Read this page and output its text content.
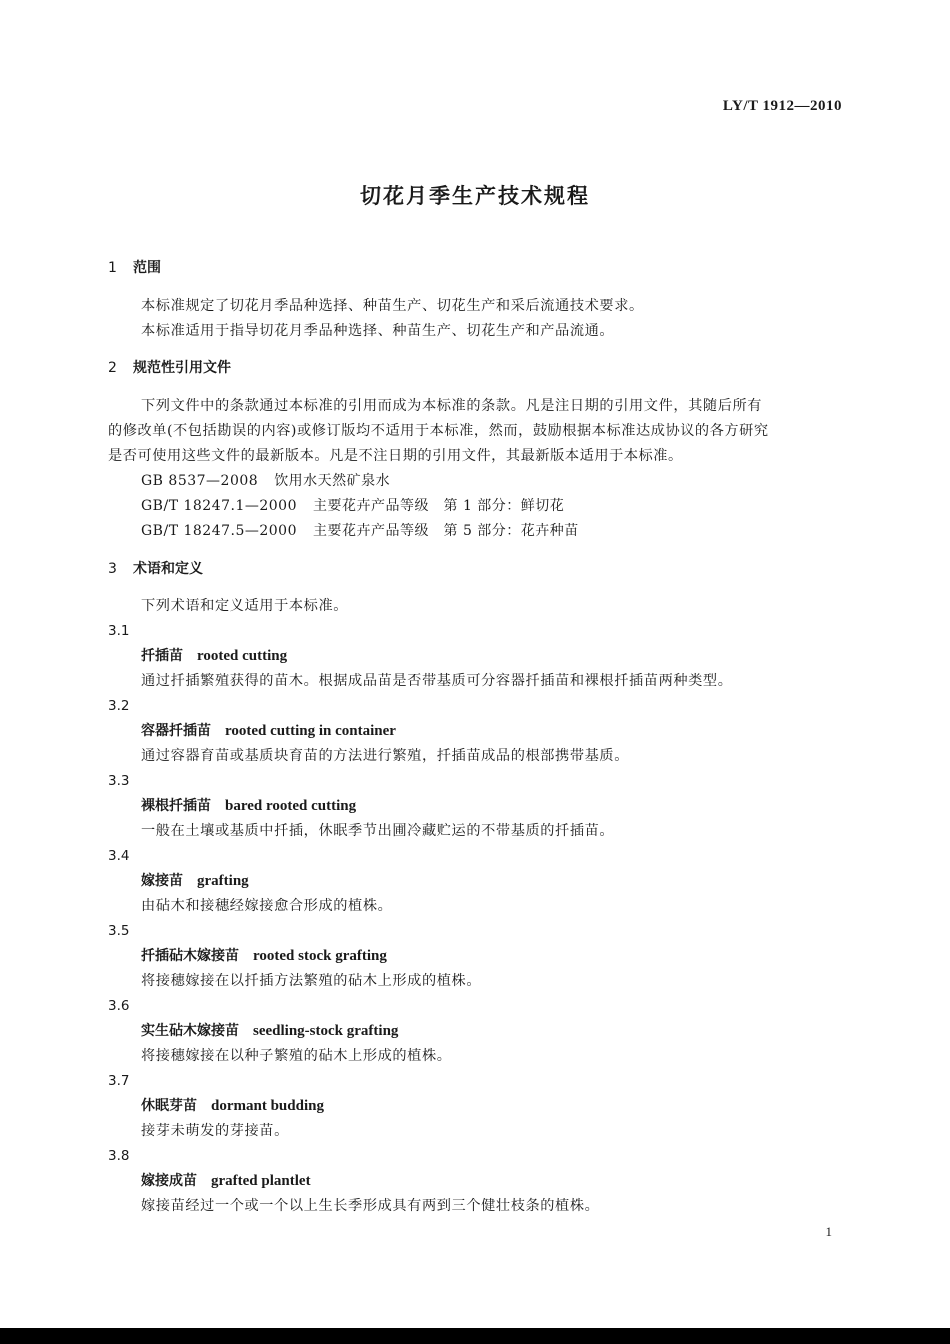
LY/T 1912—2010
切花月季生产技术规程
1 范围
本标准规定了切花月季品种选择、种苗生产、切花生产和采后流通技术要求。
本标准适用于指导切花月季品种选择、种苗生产、切花生产和产品流通。
2 规范性引用文件
下列文件中的条款通过本标准的引用而成为本标准的条款。凡是注日期的引用文件，其随后所有
的修改单(不包括勘误的内容)或修订版均不适用于本标准，然而，鼓励根据本标准达成协议的各方研究
是否可使用这些文件的最新版本。凡是不注日期的引用文件，其最新版本适用于本标准。
GB 8537—2008 饮用水天然矿泉水
GB/T 18247.1—2000 主要花卉产品等级　第 1 部分：鲜切花
GB/T 18247.5—2000 主要花卉产品等级　第 5 部分：花卉种苗
3 术语和定义
下列术语和定义适用于本标准。
3.1
扦插苗 rooted cutting
通过扦插繁殖获得的苗木。根据成品苗是否带基质可分容器扦插苗和裸根扦插苗两种类型。
3.2
容器扦插苗 rooted cutting in container
通过容器育苗或基质块育苗的方法进行繁殖，扦插苗成品的根部携带基质。
3.3
裸根扦插苗 bared rooted cutting
一般在土壤或基质中扦插，休眠季节出圃冷藏贮运的不带基质的扦插苗。
3.4
嫁接苗 grafting
由砧木和接穗经嫁接愈合形成的植株。
3.5
扦插砧木嫁接苗 rooted stock grafting
将接穗嫁接在以扦插方法繁殖的砧木上形成的植株。
3.6
实生砧木嫁接苗 seedling-stock grafting
将接穗嫁接在以种子繁殖的砧木上形成的植株。
3.7
休眠芽苗 dormant budding
接芽未萌发的芽接苗。
3.8
嫁接成苗 grafted plantlet
嫁接苗经过一个或一个以上生长季形成具有两到三个健壮枝条的植株。
1
